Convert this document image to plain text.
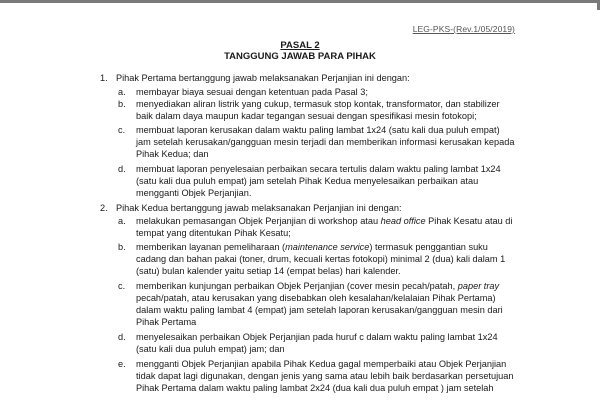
LEG-PKS-(Rev.1/05/2019)
PASAL 2
TANGGUNG JAWAB PARA PIHAK
1. Pihak Pertama bertanggung jawab melaksanakan Perjanjian ini dengan:
a. membayar biaya sesuai dengan ketentuan pada Pasal 3;
b. menyediakan aliran listrik yang cukup, termasuk stop kontak, transformator, dan stabilizer
baik dalam daya maupun kadar tegangan sesuai dengan spesifikasi mesin fotokopi;
c. membuat laporan kerusakan dalam waktu paling lambat 1x24 (satu kali dua puluh empat)
jam setelah kerusakan/gangguan mesin terjadi dan memberikan informasi kerusakan kepada
Pihak Kedua; dan
d. membuat laporan penyelesaian perbaikan secara tertulis dalam waktu paling lambat 1x24
(satu kali dua puluh empat) jam setelah Pihak Kedua menyelesaikan perbaikan atau
mengganti Objek Perjanjian.
2. Pihak Kedua bertanggung jawab melaksanakan Perjanjian ini dengan:
a. melakukan pemasangan Objek Perjanjian di workshop atau head office Pihak Kesatu atau di
tempat yang ditentukan Pihak Kesatu;
b. memberikan layanan pemeliharaan (maintenance service) termasuk penggantian suku
cadang dan bahan pakai (toner, drum, kecuali kertas fotokopi) minimal 2 (dua) kali dalam 1
(satu) bulan kalender yaitu setiap 14 (empat belas) hari kalender.
c. memberikan kunjungan perbaikan Objek Perjanjian (cover mesin pecah/patah, paper tray
pecah/patah, atau kerusakan yang disebabkan oleh kesalahan/kelalaian Pihak Pertama)
dalam waktu paling lambat 4 (empat) jam setelah laporan kerusakan/gangguan mesin dari
Pihak Pertama
d. menyelesaikan perbaikan Objek Perjanjian pada huruf c dalam waktu paling lambat 1x24
(satu kali dua puluh empat) jam; dan
e. mengganti Objek Perjanjian apabila Pihak Kedua gagal memperbaiki atau Objek Perjanjian
tidak dapat lagi digunakan, dengan jenis yang sama atau lebih baik berdasarkan persetujuan
Pihak Pertama dalam waktu paling lambat 2x24 (dua kali dua puluh empat ) jam setelah
